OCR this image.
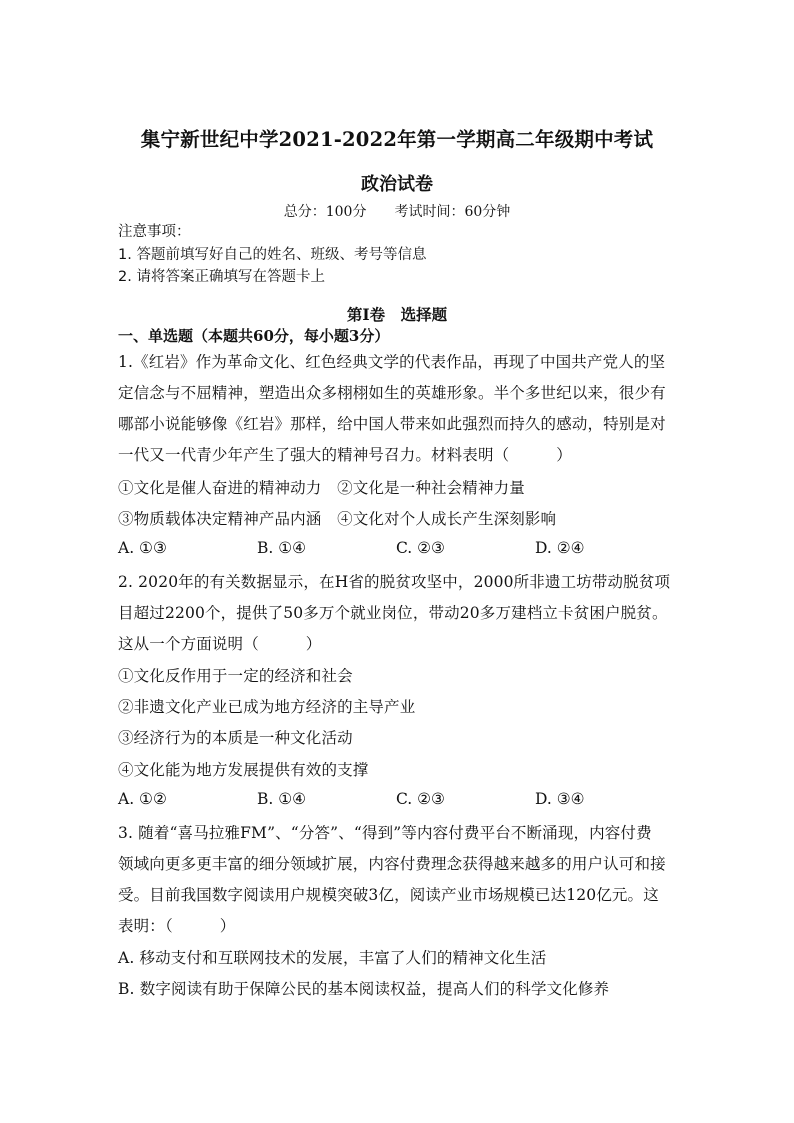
集宁新世纪中学2021-2022年第一学期高二年级期中考试
政治试卷
总分：100分　　考试时间：60分钟
注意事项：
1. 答题前填写好自己的姓名、班级、考号等信息
2. 请将答案正确填写在答题卡上
第I卷　选择题
一、单选题（本题共60分，每小题3分）
1.《红岩》作为革命文化、红色经典文学的代表作品，再现了中国共产党人的坚
定信念与不屈精神，塑造出众多栩栩如生的英雄形象。半个多世纪以来，很少有
哪部小说能够像《红岩》那样，给中国人带来如此强烈而持久的感动，特别是对
一代又一代青少年产生了强大的精神号召力。材料表明（　　　）
①文化是催人奋进的精神动力　②文化是一种社会精神力量
③物质载体决定精神产品内涵　④文化对个人成长产生深刻影响
A. ①③	B. ①④	C. ②③	D. ②④
2. 2020年的有关数据显示，在H省的脱贫攻坚中，2000所非遗工坊带动脱贫项
目超过2200个，提供了50多万个就业岗位，带动20多万建档立卡贫困户脱贫。
这从一个方面说明（　　　）
①文化反作用于一定的经济和社会
②非遗文化产业已成为地方经济的主导产业
③经济行为的本质是一种文化活动
④文化能为地方发展提供有效的支撑
A. ①②	B. ①④	C. ②③	D. ③④
3. 随着“喜马拉雅FM”、“分答”、“得到”等内容付费平台不断涌现，内容付费
领域向更多更丰富的细分领域扩展，内容付费理念获得越来越多的用户认可和接
受。目前我国数字阅读用户规模突破3亿，阅读产业市场规模已达120亿元。这
表明：（　　　）
A. 移动支付和互联网技术的发展，丰富了人们的精神文化生活
B. 数字阅读有助于保障公民的基本阅读权益，提高人们的科学文化修养
